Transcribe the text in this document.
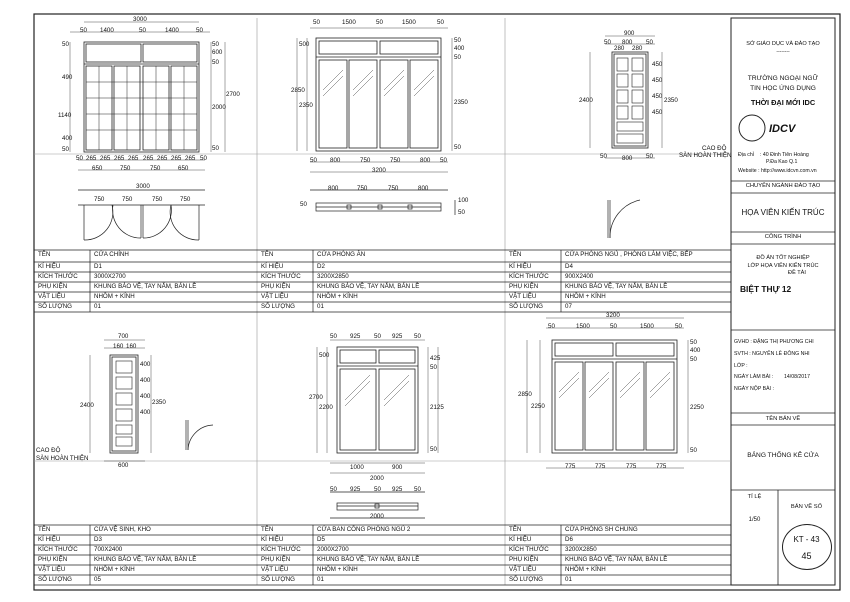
3000
50 1400	50	1400	50
50
600
50
2000
50
2700
50
490
1140
400
50
50 265 265 265 265 265 265 265 265 50
650	750	750	650
3000
750	750	750	750
50	1500	50	1500	50
500
2350
2850
50
400
50
2350
50
50 800	750	750	800 50
3200
800	750	750	800
50
100
50
900
50 800 50
280 280
2400
450
450
450
450
2350
50 800 50
CAO ĐỘ
SÀN HOÀN THIỆN
700
160 160
2400
400
400
400
400
2350
600
CAO ĐỘ
SÀN HOÀN THIỆN
50 925 50 925 50
500
2200
2700
425
50
2125
50
1000	900
2000
50 925 50 925 50
2000
3200
50	1500	50	1500	50
2850
2250
50
400
50
2250
50
775	775	775	775
TÊN	CỬA CHÍNH
KÍ HIỆU	D1
KÍCH THƯỚC	3000X2700
PHỤ KIỆN	KHUNG BẢO VỆ, TAY NẮM, BẢN LỀ
VẬT LIỆU	NHÔM + KÍNH
SỐ LƯỢNG	01
TÊN	CỬA PHÒNG ĂN
KÍ HIỆU	D2
KÍCH THƯỚC	3200X2850
PHỤ KIỆN	KHUNG BẢO VỆ, TAY NẮM, BẢN LỀ
VẬT LIỆU	NHÔM + KÍNH
SỐ LƯỢNG	01
TÊN	CỬA PHÒNG NGỦ , PHÒNG LÀM VIỆC, BẾP
KÍ HIỆU	D4
KÍCH THƯỚC	900X2400
PHỤ KIỆN	KHUNG BẢO VỆ, TAY NẮM, BẢN LỀ
VẬT LIỆU	NHÔM + KÍNH
SỐ LƯỢNG	07
TÊN	CỬA VỆ SINH, KHO
KÍ HIỆU	D3
KÍCH THƯỚC	700X2400
PHỤ KIỆN	KHUNG BẢO VỆ, TAY NẮM, BẢN LỀ
VẬT LIỆU	NHÔM + KÍNH
SỐ LƯỢNG	05
TÊN	CỬA BAN CÔNG PHÒNG NGỦ 2
KÍ HIỆU	D5
KÍCH THƯỚC	2000X2700
PHỤ KIỆN	KHUNG BẢO VỆ, TAY NẮM, BẢN LỀ
VẬT LIỆU	NHÔM + KÍNH
SỐ LƯỢNG	01
TÊN	CỬA PHÒNG SH CHUNG
KÍ HIỆU	D6
KÍCH THƯỚC	3200X2850
PHỤ KIỆN	KHUNG BẢO VỆ, TAY NẮM, BẢN LỀ
VẬT LIỆU	NHÔM + KÍNH
SỐ LƯỢNG	01
SỞ GIÁO DỤC VÀ ĐÀO TẠO
--------
TRƯỜNG NGOẠI NGỮ
TIN HỌC ỨNG DỤNG
THỜI ĐẠI MỚI IDC
IDCV
Địa chỉ : 40 Đinh Tiên Hoàng
P.Đa Kao Q.1
Website : http://www.idcvn.com.vn
CHUYÊN NGÀNH ĐÀO TẠO
HỌA VIÊN KIẾN TRÚC
CÔNG TRÌNH
ĐỒ ÁN TỐT NGHIỆP
LỚP HỌA VIÊN KIẾN TRÚC
ĐỀ TÀI
BIỆT THỰ 12
GVHD : ĐẶNG THỊ PHƯƠNG CHI
SVTH : NGUYỄN LÊ ĐÔNG NHI
LỚP :
NGÀY LÀM BÀI : 14/08/2017
NGÀY NỘP BÀI :
TÊN BẢN VẼ
BẢNG THỐNG KÊ CỬA
TỈ LỆ
1/50
BẢN VẼ SỐ
KT - 43
45
